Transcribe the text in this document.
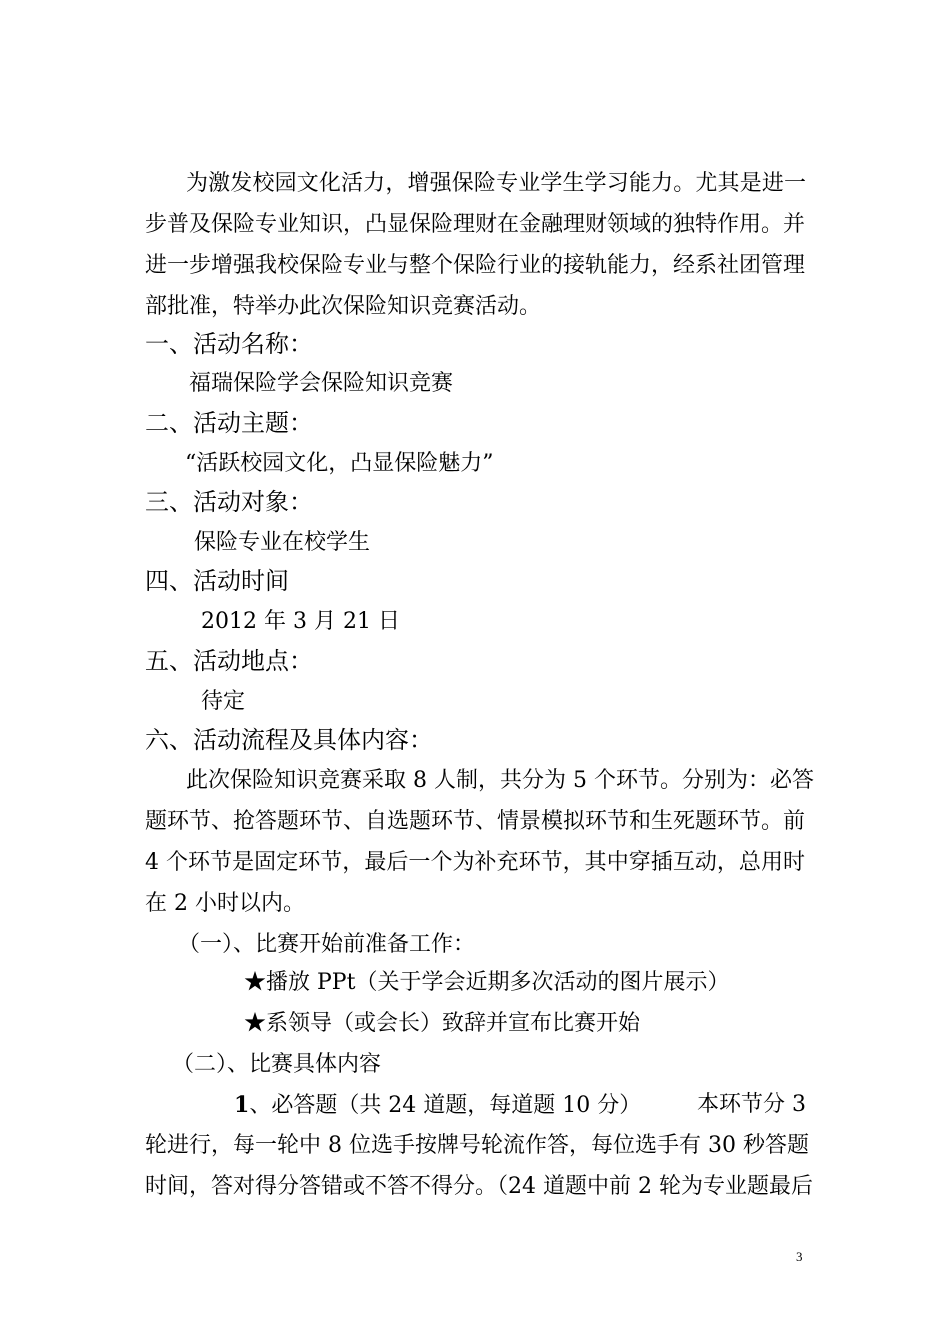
为激发校园文化活力，增强保险专业学生学习能力。尤其是进一
步普及保险专业知识，凸显保险理财在金融理财领域的独特作用。并
进一步增强我校保险专业与整个保险行业的接轨能力，经系社团管理
部批准，特举办此次保险知识竞赛活动。
一、活动名称：
福瑞保险学会保险知识竞赛
二、活动主题：
“活跃校园文化，凸显保险魅力”
三、活动对象：
保险专业在校学生
四、活动时间
2012 年 3 月 21 日
五、活动地点：
待定
六、活动流程及具体内容：
此次保险知识竞赛采取 8 人制，共分为 5 个环节。分别为：必答
题环节、抢答题环节、自选题环节、情景模拟环节和生死题环节。前
4 个环节是固定环节，最后一个为补充环节，其中穿插互动，总用时
在 2 小时以内。
（一）、比赛开始前准备工作：
★播放 PPt（关于学会近期多次活动的图片展示）
★系领导（或会长）致辞并宣布比赛开始
（二）、比赛具体内容
1、必答题（共 24 道题，每道题 10 分）	本环节分 3
轮进行，每一轮中 8 位选手按牌号轮流作答，每位选手有 30 秒答题
时间，答对得分答错或不答不得分。（24 道题中前 2 轮为专业题最后
3
